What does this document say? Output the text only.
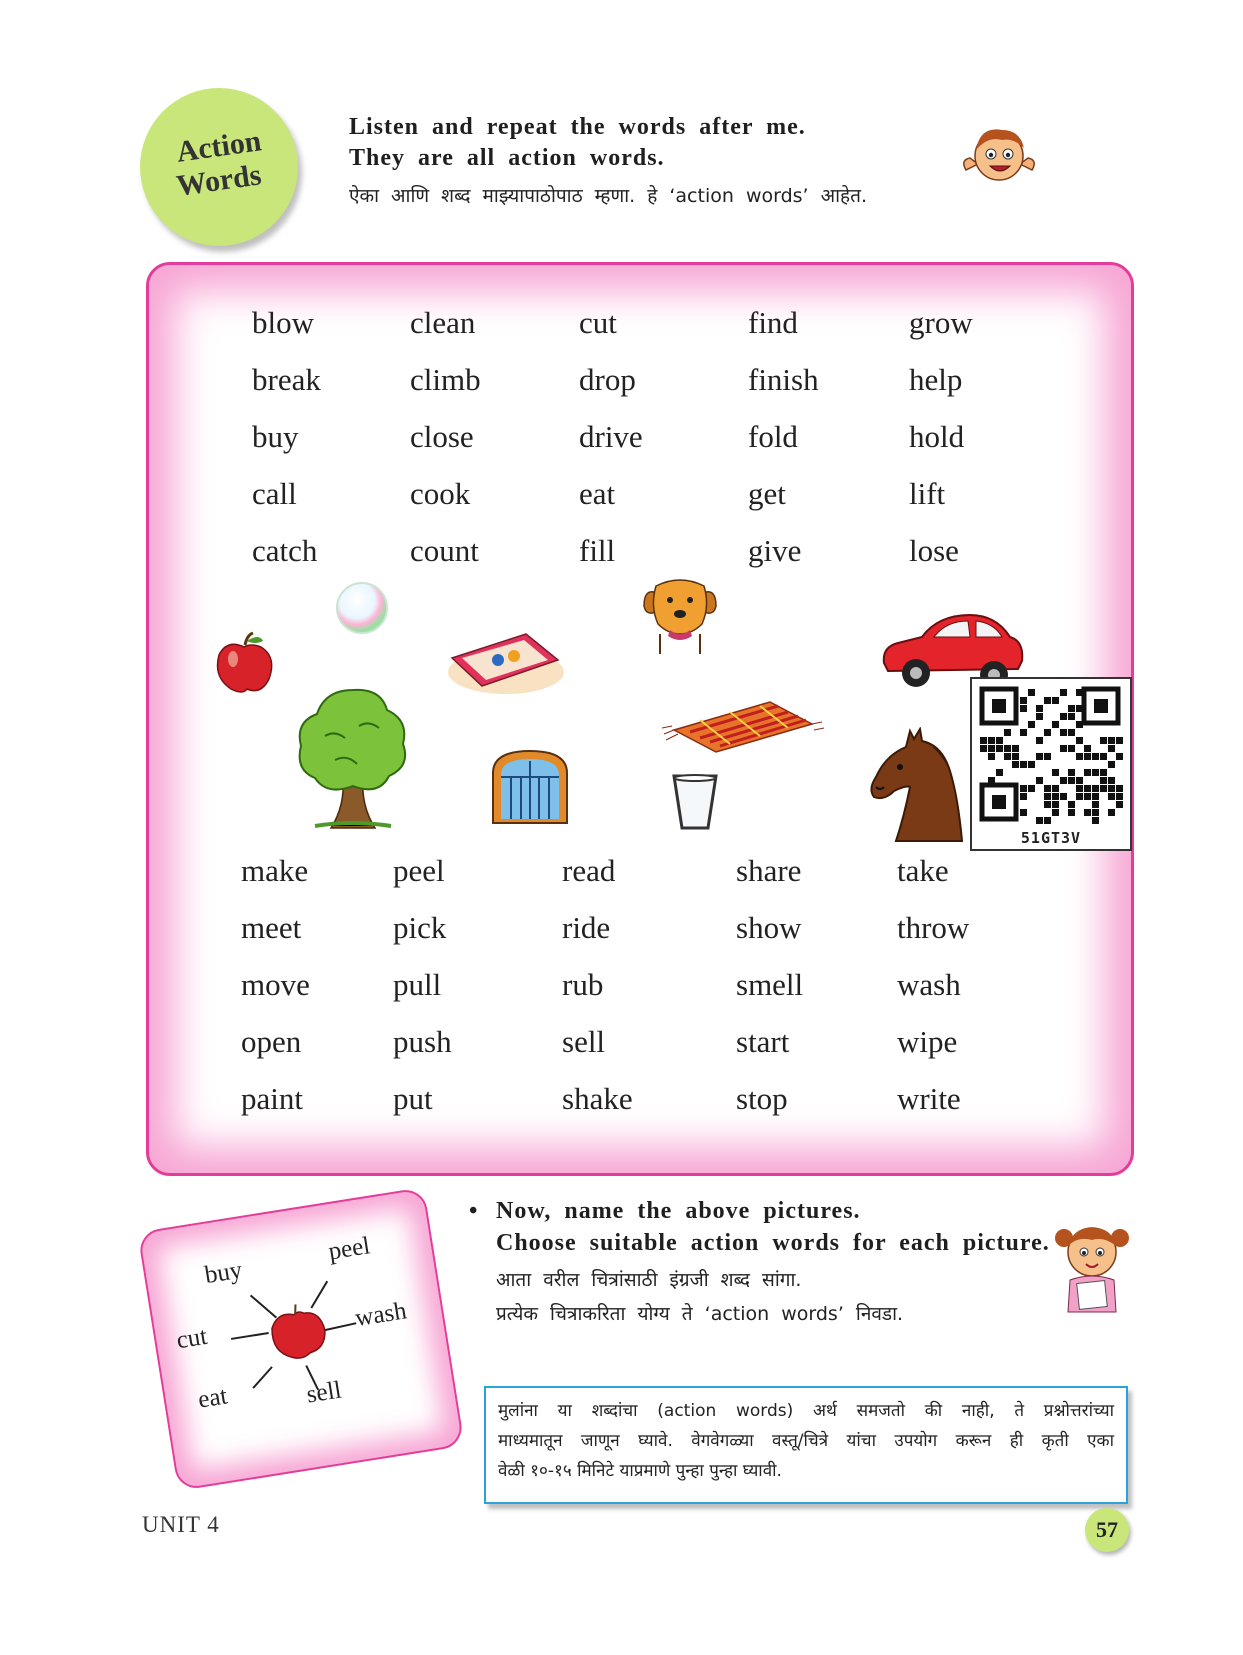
Action
Words
Listen and repeat the words after me.
They are all action words.
ऐका आणि शब्द माझ्यापाठोपाठ म्हणा. हे ‘action words’ आहेत.
blow
break
buy
call
catch
clean
climb
close
cook
count
cut
drop
drive
eat
fill
find
finish
fold
get
give
grow
help
hold
lift
lose
make
meet
move
open
paint
peel
pick
pull
push
put
read
ride
rub
sell
shake
share
show
smell
start
stop
take
throw
wash
wipe
write
51GT3V
buy
peel
cut
wash
eat	sell
• Now, name the above pictures.
Choose suitable action words for each picture.
आता वरील चित्रांसाठी इंग्रजी शब्द सांगा.
प्रत्येक चित्राकरिता योग्य ते ‘action words’ निवडा.

मुलांना या शब्दांचा (action words) अर्थ समजतो की नाही, ते प्रश्नोत्तरांच्या

माध्यमातून जाणून घ्यावे. वेगवेगळ्या वस्तू/चित्रे यांचा उपयोग करून ही कृती एका

वेळी १०-१५ मिनिटे याप्रमाणे पुन्हा पुन्हा घ्यावी.

UNIT 4	57
